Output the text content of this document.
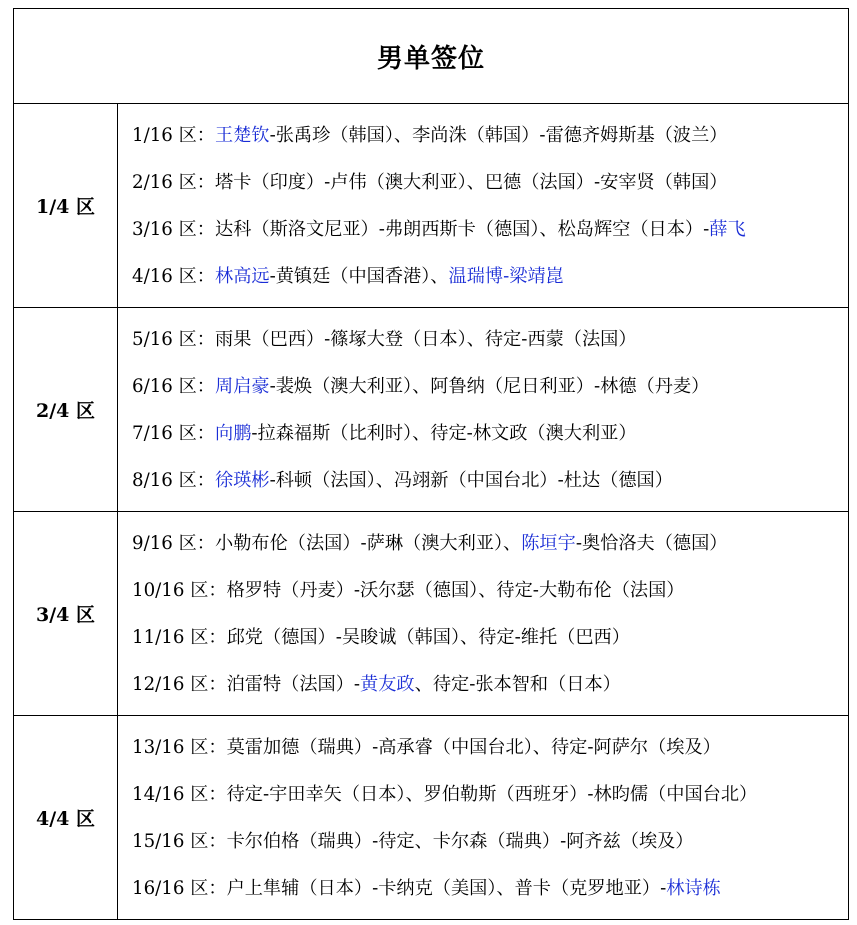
男单签位	
1/4 区	1/16 区：王楚钦-张禹珍（韩国）、李尚洙（韩国）-雷德齐姆斯基（波兰）
2/16 区：塔卡（印度）-卢伟（澳大利亚）、巴德（法国）-安宰贤（韩国）
3/16 区：达科（斯洛文尼亚）-弗朗西斯卡（德国）、松岛辉空（日本）-薛飞
4/16 区：林高远-黄镇廷（中国香港）、温瑞博-梁靖崑

2/4 区	5/16 区：雨果（巴西）-篠塚大登（日本）、待定-西蒙（法国）
6/16 区：周启豪-裴焕（澳大利亚）、阿鲁纳（尼日利亚）-林德（丹麦）
7/16 区：向鹏-拉森福斯（比利时）、待定-林文政（澳大利亚）
8/16 区：徐瑛彬-科顿（法国）、冯翊新（中国台北）-杜达（德国）

3/4 区	9/16 区：小勒布伦（法国）-萨琳（澳大利亚）、陈垣宇-奥恰洛夫（德国）
10/16 区：格罗特（丹麦）-沃尔瑟（德国）、待定-大勒布伦（法国）
11/16 区：邱党（德国）-吴晙诚（韩国）、待定-维托（巴西）
12/16 区：泊雷特（法国）-黄友政、待定-张本智和（日本）

4/4 区	13/16 区：莫雷加德（瑞典）-高承睿（中国台北）、待定-阿萨尔（埃及）
14/16 区：待定-宇田幸矢（日本）、罗伯勒斯（西班牙）-林昀儒（中国台北）
15/16 区：卡尔伯格（瑞典）-待定、卡尔森（瑞典）-阿齐兹（埃及）
16/16 区：户上隼辅（日本）-卡纳克（美国）、普卡（克罗地亚）-林诗栋
